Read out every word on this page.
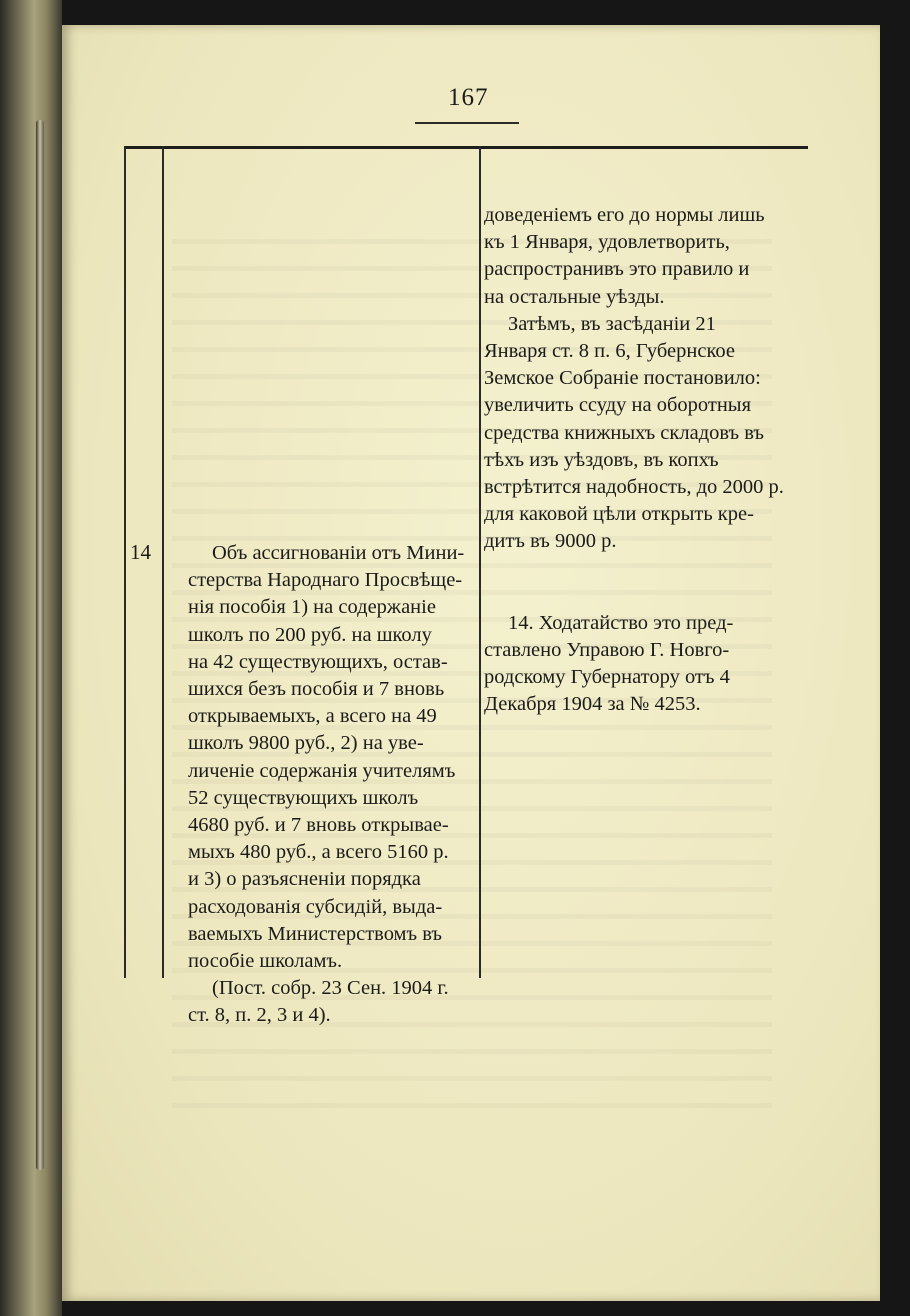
167
14	Объ ассигнованіи отъ Мини-

стерства Народнаго Просвѣще-

нія пособія 1) на содержаніе

школъ по 200 руб. на школу

на 42 существующихъ, остав-

шихся безъ пособія и 7 вновь

открываемыхъ, а всего на 49

школъ 9800 руб., 2) на уве-

личеніе содержанія учителямъ

52 существующихъ школъ

4680 руб. и 7 вновь открывае-

мыхъ 480 руб., а всего 5160 р.

и 3) о разъясненіи порядка

расходованія субсидій, выда-

ваемыхъ Министерствомъ въ

пособіе школамъ.

(Пост. собр. 23 Сен. 1904 г.

ст. 8, п. 2, 3 и 4).

доведеніемъ его до нормы лишь

къ 1 Января, удовлетворить,

распространивъ это правило и

на остальные уѣзды.

Затѣмъ, въ засѣданіи 21

Января ст. 8 п. 6, Губернское

Земское Собраніе постановило:

увеличить ссуду на оборотныя

средства книжныхъ складовъ въ

тѣхъ изъ уѣздовъ, въ копхъ

встрѣтится надобность, до 2000 р.

для каковой цѣли открыть кре-

дитъ въ 9000 р.

14. Ходатайство это пред-

ставлено Управою Г. Новго-

родскому Губернатору отъ 4

Декабря 1904 за № 4253.
